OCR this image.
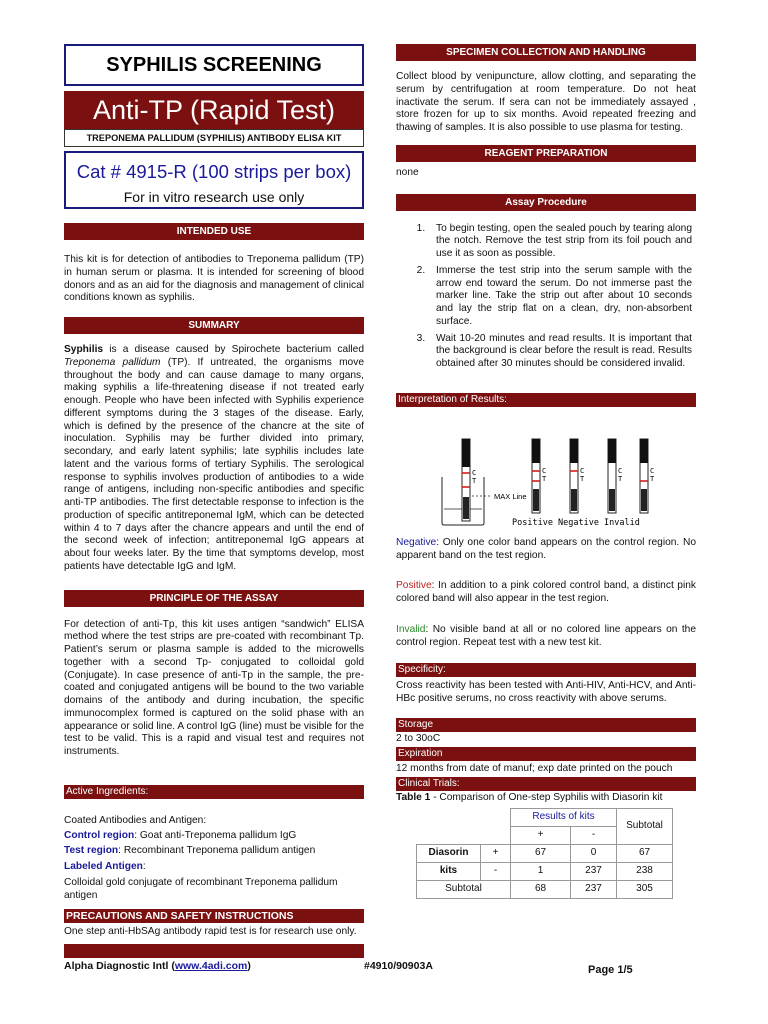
SYPHILIS SCREENING
Anti-TP (Rapid Test)
TREPONEMA PALLIDUM (SYPHILIS) ANTIBODY ELISA KIT
Cat # 4915-R (100 strips per box)
For in vitro research use only
INTENDED USE

This kit is for detection of antibodies to Treponema pallidum (TP) in human serum or plasma. It is intended for screening of blood donors and as an aid for the diagnosis and management of clinical conditions known as syphilis.

SUMMARY

Syphilis is a disease caused by Spirochete bacterium called Treponema pallidum (TP). If untreated, the organisms move throughout the body and can cause damage to many organs, making syphilis a life-threatening disease if not treated early enough. People who have been infected with Syphilis experience different symptoms during the 3 stages of the disease. Early, which is defined by the presence of the chancre at the site of inoculation. Syphilis may be further divided into primary, secondary, and early latent syphilis; late syphilis includes late latent and the various forms of tertiary Syphilis. The serological response to syphilis involves production of antibodies to a wide range of antigens, including non-specific antibodies and specific anti-TP antibodies. The first detectable response to infection is the production of specific antitreponemal IgM, which can be detected within 4 to 7 days after the chancre appears and until the end of the second week of infection; antitreponemal IgG appears at about four weeks later. By the time that symptoms develop, most patients have detectable IgG and IgM.

PRINCIPLE OF THE ASSAY

For detection of anti-Tp, this kit uses antigen “sandwich” ELISA method where the test strips are pre-coated with recombinant Tp. Patient’s serum or plasma sample is added to the microwells together with a second Tp- conjugated to colloidal gold (Conjugate). In case presence of anti-Tp in the sample, the pre-coated and conjugated antigens will be bound to the two variable domains of the antibody and during incubation, the specific immunocomplex formed is captured on the solid phase with an appearance or solid line. A control IgG (line) must be visible for the test to be valid. This is a rapid and visual test and requires not instruments.

Active Ingredients:
Coated Antibodies and Antigen:
Control region: Goat anti-Treponema pallidum IgG
Test region: Recombinant Treponema pallidum antigen
Labeled Antigen:
Colloidal gold conjugate of recombinant Treponema pallidum antigen
PRECAUTIONS AND SAFETY INSTRUCTIONS

One step anti-HbSAg antibody rapid test is for research use only.

SPECIMEN COLLECTION AND HANDLING

Collect blood by venipuncture, allow clotting, and separating the serum by centrifugation at room temperature. Do not heat inactivate the serum. If sera can not be immediately assayed , store frozen for up to six months. Avoid repeated freezing and thawing of samples. It is also possible to use plasma for testing.

REAGENT PREPARATION

none

Assay Procedure
1. To begin testing, open the sealed pouch by tearing along the notch. Remove the test strip from its foil pouch and use it as soon as possible.
2. Immerse the test strip into the serum sample with the arrow end toward the serum. Do not immerse past the marker line. Take the strip out after about 10 seconds and lay the strip flat on a clean, dry, non-absorbent surface.
3. Wait 10-20 minutes and read results. It is important that the background is clear before the result is read. Results obtained after 30 minutes should be considered invalid.
Interpretation of Results:
C
T
MAX Line
C
T
C
T
C
T
C
T
Positive Negative Invalid

Negative: Only one color band appears on the control region. No apparent band on the test region.

Positive: In addition to a pink colored control band, a distinct pink colored band will also appear in the test region.

Invalid: No visible band at all or no colored line appears on the control region. Repeat test with a new test kit.

Specificity:

Cross reactivity has been tested with Anti-HIV, Anti-HCV, and Anti-HBc positive serums, no cross reactivity with above serums.

Storage

2 to 30oC

Expiration

12 months from date of manuf; exp date printed on the pouch

Clinical Trials:

Table 1 - Comparison of One-step Syphilis with Diasorin kit

		Results of kits		Subtotal
		+	-	
Diasorin	+	67	0	67
kits	-	1	237	238
Subtotal		68	237	305
Alpha Diagnostic Intl (www.4adi.com)	#4910/90903A	Page 1/5
